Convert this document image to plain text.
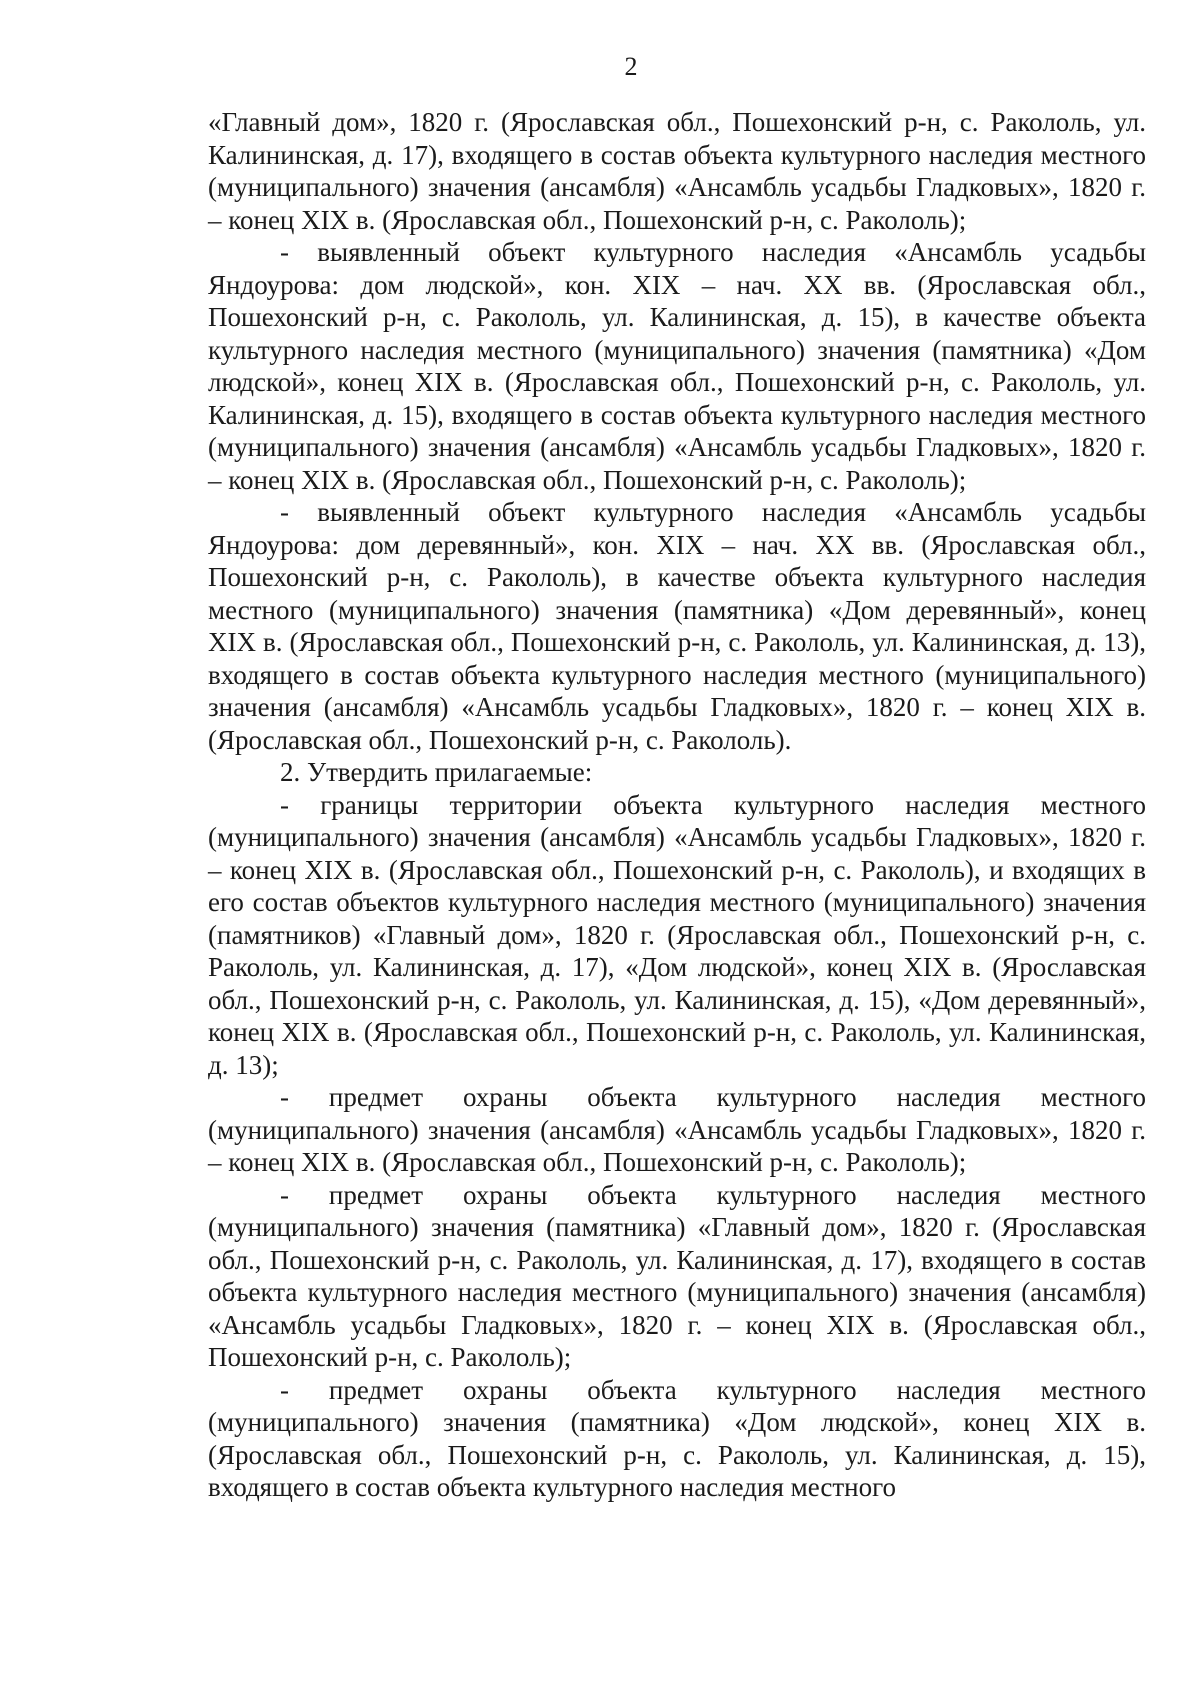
2

«Главный дом», 1820 г. (Ярославская обл., Пошехонский р-н, с. Ракололь, ул. Калининская, д. 17), входящего в состав объекта культурного наследия местного (муниципального) значения (ансамбля) «Ансамбль усадьбы Гладковых», 1820 г. – конец XIX в. (Ярославская обл., Пошехонский р-н, с. Ракололь);

- выявленный объект культурного наследия «Ансамбль усадьбы Яндоурова: дом людской», кон. XIX – нач. XX вв. (Ярославская обл., Пошехонский р-н, с. Ракололь, ул. Калининская, д. 15), в качестве объекта культурного наследия местного (муниципального) значения (памятника) «Дом людской», конец XIX в. (Ярославская обл., Пошехонский р-н, с. Ракололь, ул. Калининская, д. 15), входящего в состав объекта культурного наследия местного (муниципального) значения (ансамбля) «Ансамбль усадьбы Гладковых», 1820 г. – конец XIX в. (Ярославская обл., Пошехонский р-н, с. Ракололь);

- выявленный объект культурного наследия «Ансамбль усадьбы Яндоурова: дом деревянный», кон. XIX – нач. XX вв. (Ярославская обл., Пошехонский р-н, с. Ракололь), в качестве объекта культурного наследия местного (муниципального) значения (памятника) «Дом деревянный», конец XIX в. (Ярославская обл., Пошехонский р-н, с. Ракололь, ул. Калининская, д. 13), входящего в состав объекта культурного наследия местного (муниципального) значения (ансамбля) «Ансамбль усадьбы Гладковых», 1820 г. – конец XIX в. (Ярославская обл., Пошехонский р-н, с. Ракололь).

2. Утвердить прилагаемые:

- границы территории объекта культурного наследия местного (муниципального) значения (ансамбля) «Ансамбль усадьбы Гладковых», 1820 г. – конец XIX в. (Ярославская обл., Пошехонский р-н, с. Ракололь), и входящих в его состав объектов культурного наследия местного (муниципального) значения (памятников) «Главный дом», 1820 г. (Ярославская обл., Пошехонский р-н, с. Ракололь, ул. Калининская, д. 17), «Дом людской», конец XIX в. (Ярославская обл., Пошехонский р-н, с. Ракололь, ул. Калининская, д. 15), «Дом деревянный», конец XIX в. (Ярославская обл., Пошехонский р-н, с. Ракололь, ул. Калининская, д. 13);

- предмет охраны объекта культурного наследия местного (муниципального) значения (ансамбля) «Ансамбль усадьбы Гладковых», 1820 г. – конец XIX в. (Ярославская обл., Пошехонский р-н, с. Ракололь);

- предмет охраны объекта культурного наследия местного (муниципального) значения (памятника) «Главный дом», 1820 г. (Ярославская обл., Пошехонский р-н, с. Ракололь, ул. Калининская, д. 17), входящего в состав объекта культурного наследия местного (муниципального) значения (ансамбля) «Ансамбль усадьбы Гладковых», 1820 г. – конец XIX в. (Ярославская обл., Пошехонский р-н, с. Ракололь);

- предмет охраны объекта культурного наследия местного (муниципального) значения (памятника) «Дом людской», конец XIX в. (Ярославская обл., Пошехонский р-н, с. Ракололь, ул. Калининская, д. 15), входящего в состав объекта культурного наследия местного
